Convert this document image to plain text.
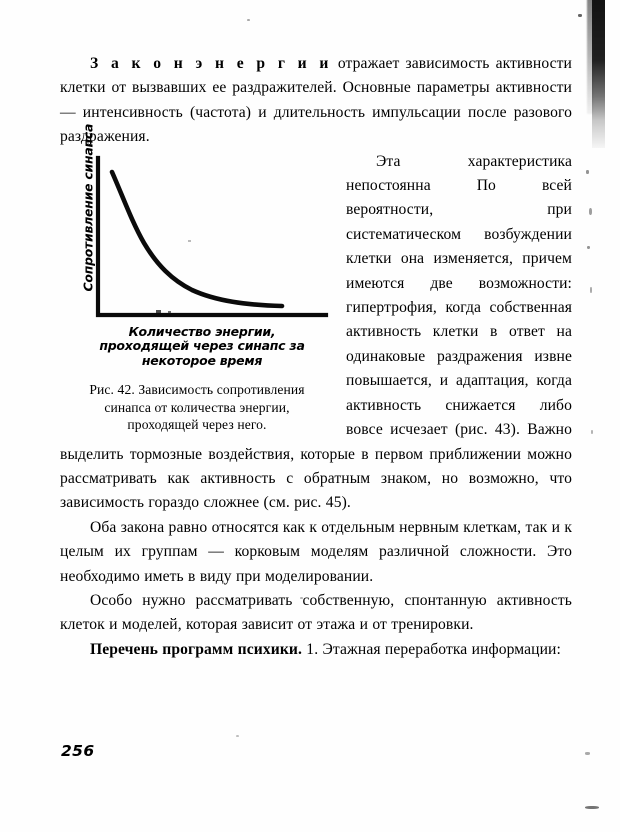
З а к о н э н е р г и и отражает зависимость активности клетки от вызвавших ее раздражителей. Основные параметры активности — интенсивность (частота) и длительность импульсации после разового раздражения.

Сопротивление синапса
Количество энергии, проходящей через синапс за некоторое время
Рис. 42. Зависимость сопротивления синапса от количества энергии, проходящей через него.

Эта характеристика непостоянна По всей вероятности, при систематическом возбуждении клетки она изменяется, причем имеются две возможности: гипертрофия, когда собственная активность клетки в ответ на одинаковые раздражения извне повышается, и адаптация, когда активность снижается либо вовсе исчезает (рис. 43). Важно выделить тормозные воздействия, которые в первом приближении можно рассматривать как активность с обратным знаком, но возможно, что зависимость гораздо сложнее (см. рис. 45).

Оба закона равно относятся как к отдельным нервным клеткам, так и к целым их группам — корковым моделям различной сложности. Это необходимо иметь в виду при моделировании.

Особо нужно рассматривать собственную, спонтанную активность клеток и моделей, которая зависит от этажа и от тренировки.

Перечень программ психики. 1. Этажная переработка информации:

256
